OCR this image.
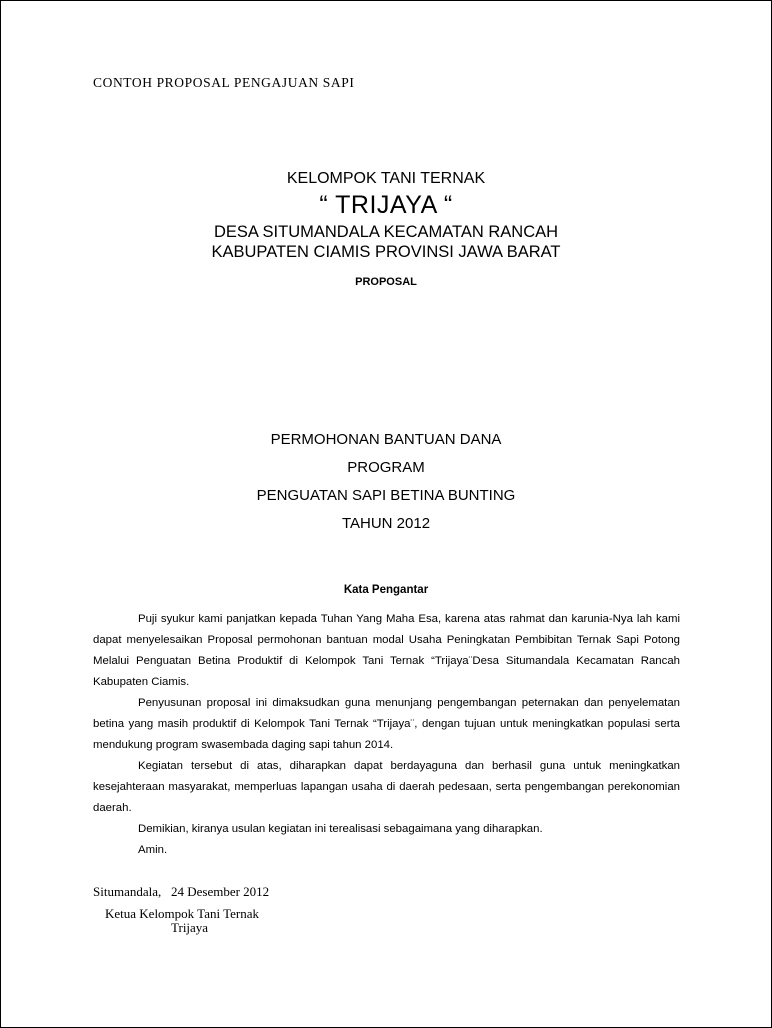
CONTOH PROPOSAL PENGAJUAN SAPI
KELOMPOK TANI TERNAK
“ TRIJAYA “
DESA SITUMANDALA KECAMATAN RANCAH
KABUPATEN CIAMIS PROVINSI JAWA BARAT
PROPOSAL
PERMOHONAN BANTUAN DANA
PROGRAM
PENGUATAN SAPI BETINA BUNTING
TAHUN 2012
Kata Pengantar

Puji syukur kami panjatkan kepada Tuhan Yang Maha Esa, karena atas rahmat dan karunia-Nya lah kami dapat menyelesaikan Proposal permohonan bantuan modal Usaha Peningkatan Pembibitan Ternak Sapi Potong Melalui Penguatan Betina Produktif di Kelompok Tani Ternak “Trijaya¨Desa Situmandala Kecamatan Rancah Kabupaten Ciamis.

Penyusunan proposal ini dimaksudkan guna menunjang pengembangan peternakan dan penyelematan betina yang masih produktif di Kelompok Tani Ternak “Trijaya¨, dengan tujuan untuk meningkatkan populasi serta mendukung program swasembada daging sapi tahun 2014.

Kegiatan tersebut di atas, diharapkan dapat berdayaguna dan berhasil guna untuk meningkatkan kesejahteraan masyarakat, memperluas lapangan usaha di daerah pedesaan, serta pengembangan perekonomian daerah.

Demikian, kiranya usulan kegiatan ini terealisasi sebagaimana yang diharapkan.

Amin.

Situmandala,   24 Desember 2012
Ketua Kelompok Tani Ternak
Trijaya
